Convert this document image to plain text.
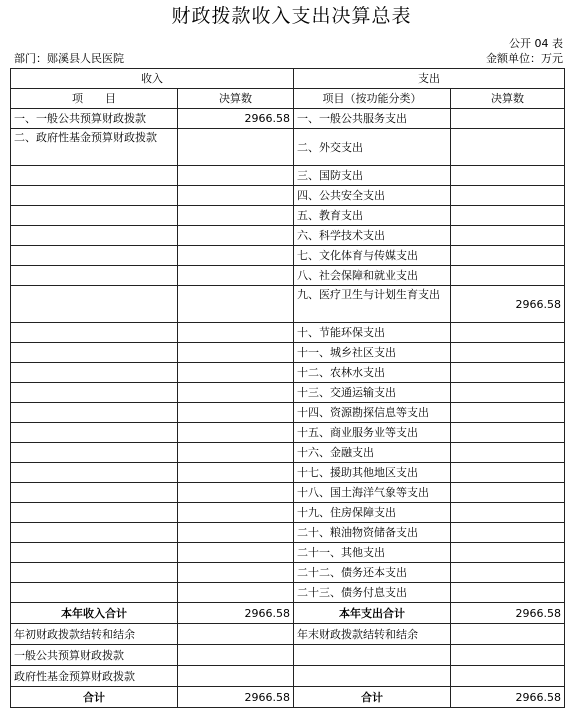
财政拨款收入支出决算总表
公开 04 表
部门：郧溪县人民医院	金额单位：万元
收入		支出	
项　　目	决算数	项目（按功能分类）	决算数
一、一般公共预算财政拨款	2966.58	一、一般公共服务支出	
二、政府性基金预算财政拨款		二、外交支出	
		三、国防支出	
		四、公共安全支出	
		五、教育支出	
		六、科学技术支出	
		七、文化体育与传媒支出	
		八、社会保障和就业支出	
		九、医疗卫生与计划生育支出	2966.58
		十、节能环保支出	
		十一、城乡社区支出	
		十二、农林水支出	
		十三、交通运输支出	
		十四、资源勘探信息等支出	
		十五、商业服务业等支出	
		十六、金融支出	
		十七、援助其他地区支出	
		十八、国土海洋气象等支出	
		十九、住房保障支出	
		二十、粮油物资储备支出	
		二十一、其他支出	
		二十二、债务还本支出	
		二十三、债务付息支出	
本年收入合计	2966.58	本年支出合计	2966.58
年初财政拨款结转和结余		年末财政拨款结转和结余	
一般公共预算财政拨款			
政府性基金预算财政拨款			
合计	2966.58	合计	2966.58
